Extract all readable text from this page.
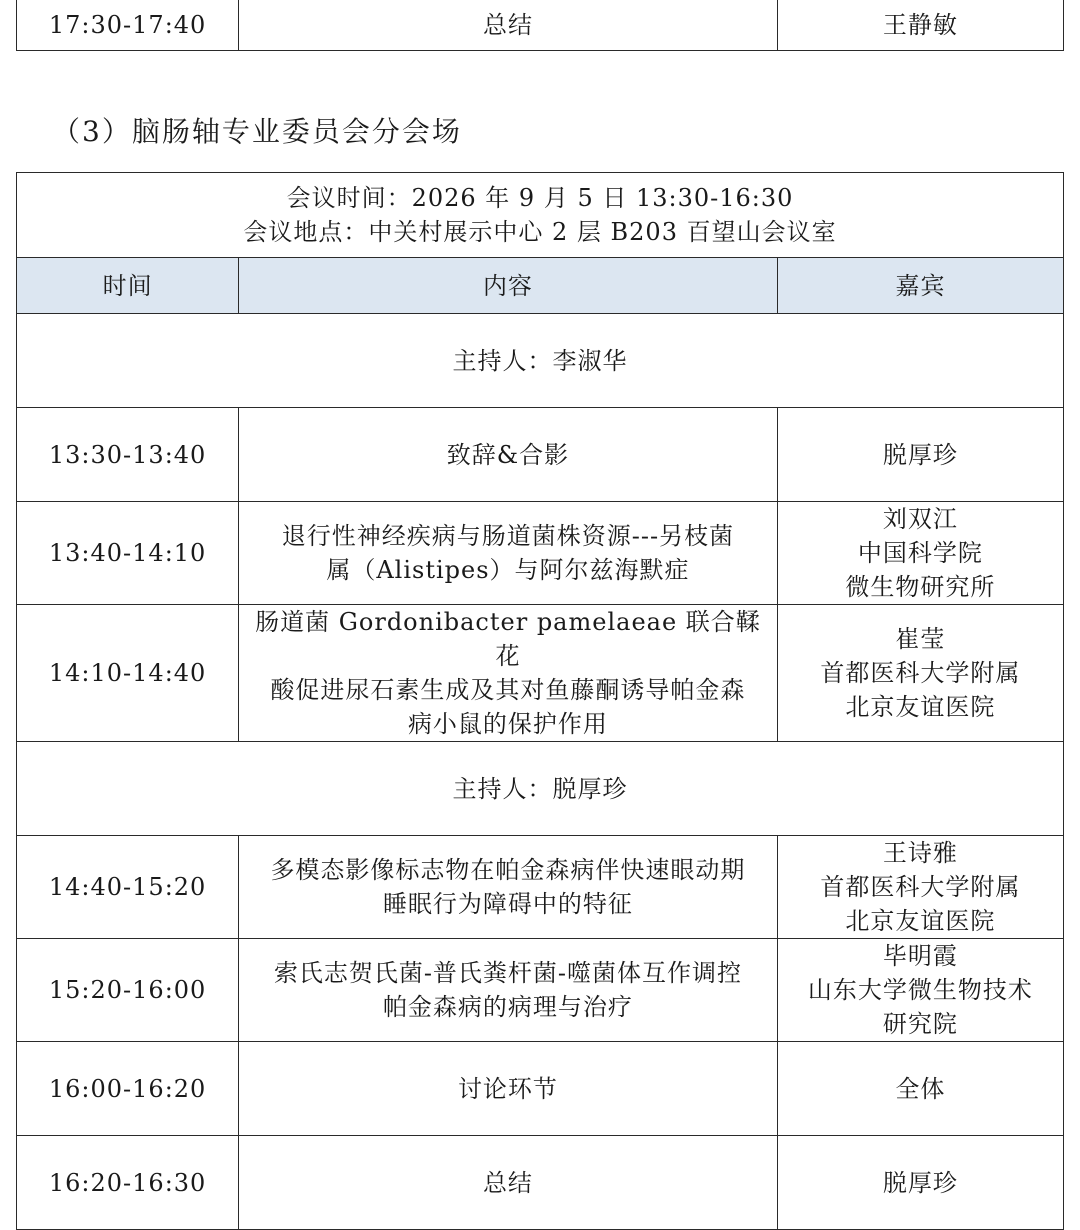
17:30-17:40	总结	王静敏
（3）脑肠轴专业委员会分会场
会议时间：2026 年 9 月 5 日 13:30-16:30
会议地点：中关村展示中心 2 层 B203 百望山会议室		

时间	内容	嘉宾
主持人：李淑华		
13:30-13:40	致辞&合影	脱厚珍

13:40-14:10	退行性神经疾病与肠道菌株资源---另枝菌
属（Alistipes）与阿尔兹海默症	刘双江
中国科学院
微生物研究所

14:10-14:40	肠道菌 Gordonibacter pamelaeae 联合鞣花
酸促进尿石素生成及其对鱼藤酮诱导帕金森
病小鼠的保护作用	崔莹
首都医科大学附属
北京友谊医院

主持人：脱厚珍		
14:40-15:20	多模态影像标志物在帕金森病伴快速眼动期
睡眠行为障碍中的特征	王诗雅
首都医科大学附属
北京友谊医院

15:20-16:00	索氏志贺氏菌-普氏粪杆菌-噬菌体互作调控
帕金森病的病理与治疗	毕明霞
山东大学微生物技术
研究院

16:00-16:20	讨论环节	全体

16:20-16:30	总结	脱厚珍
